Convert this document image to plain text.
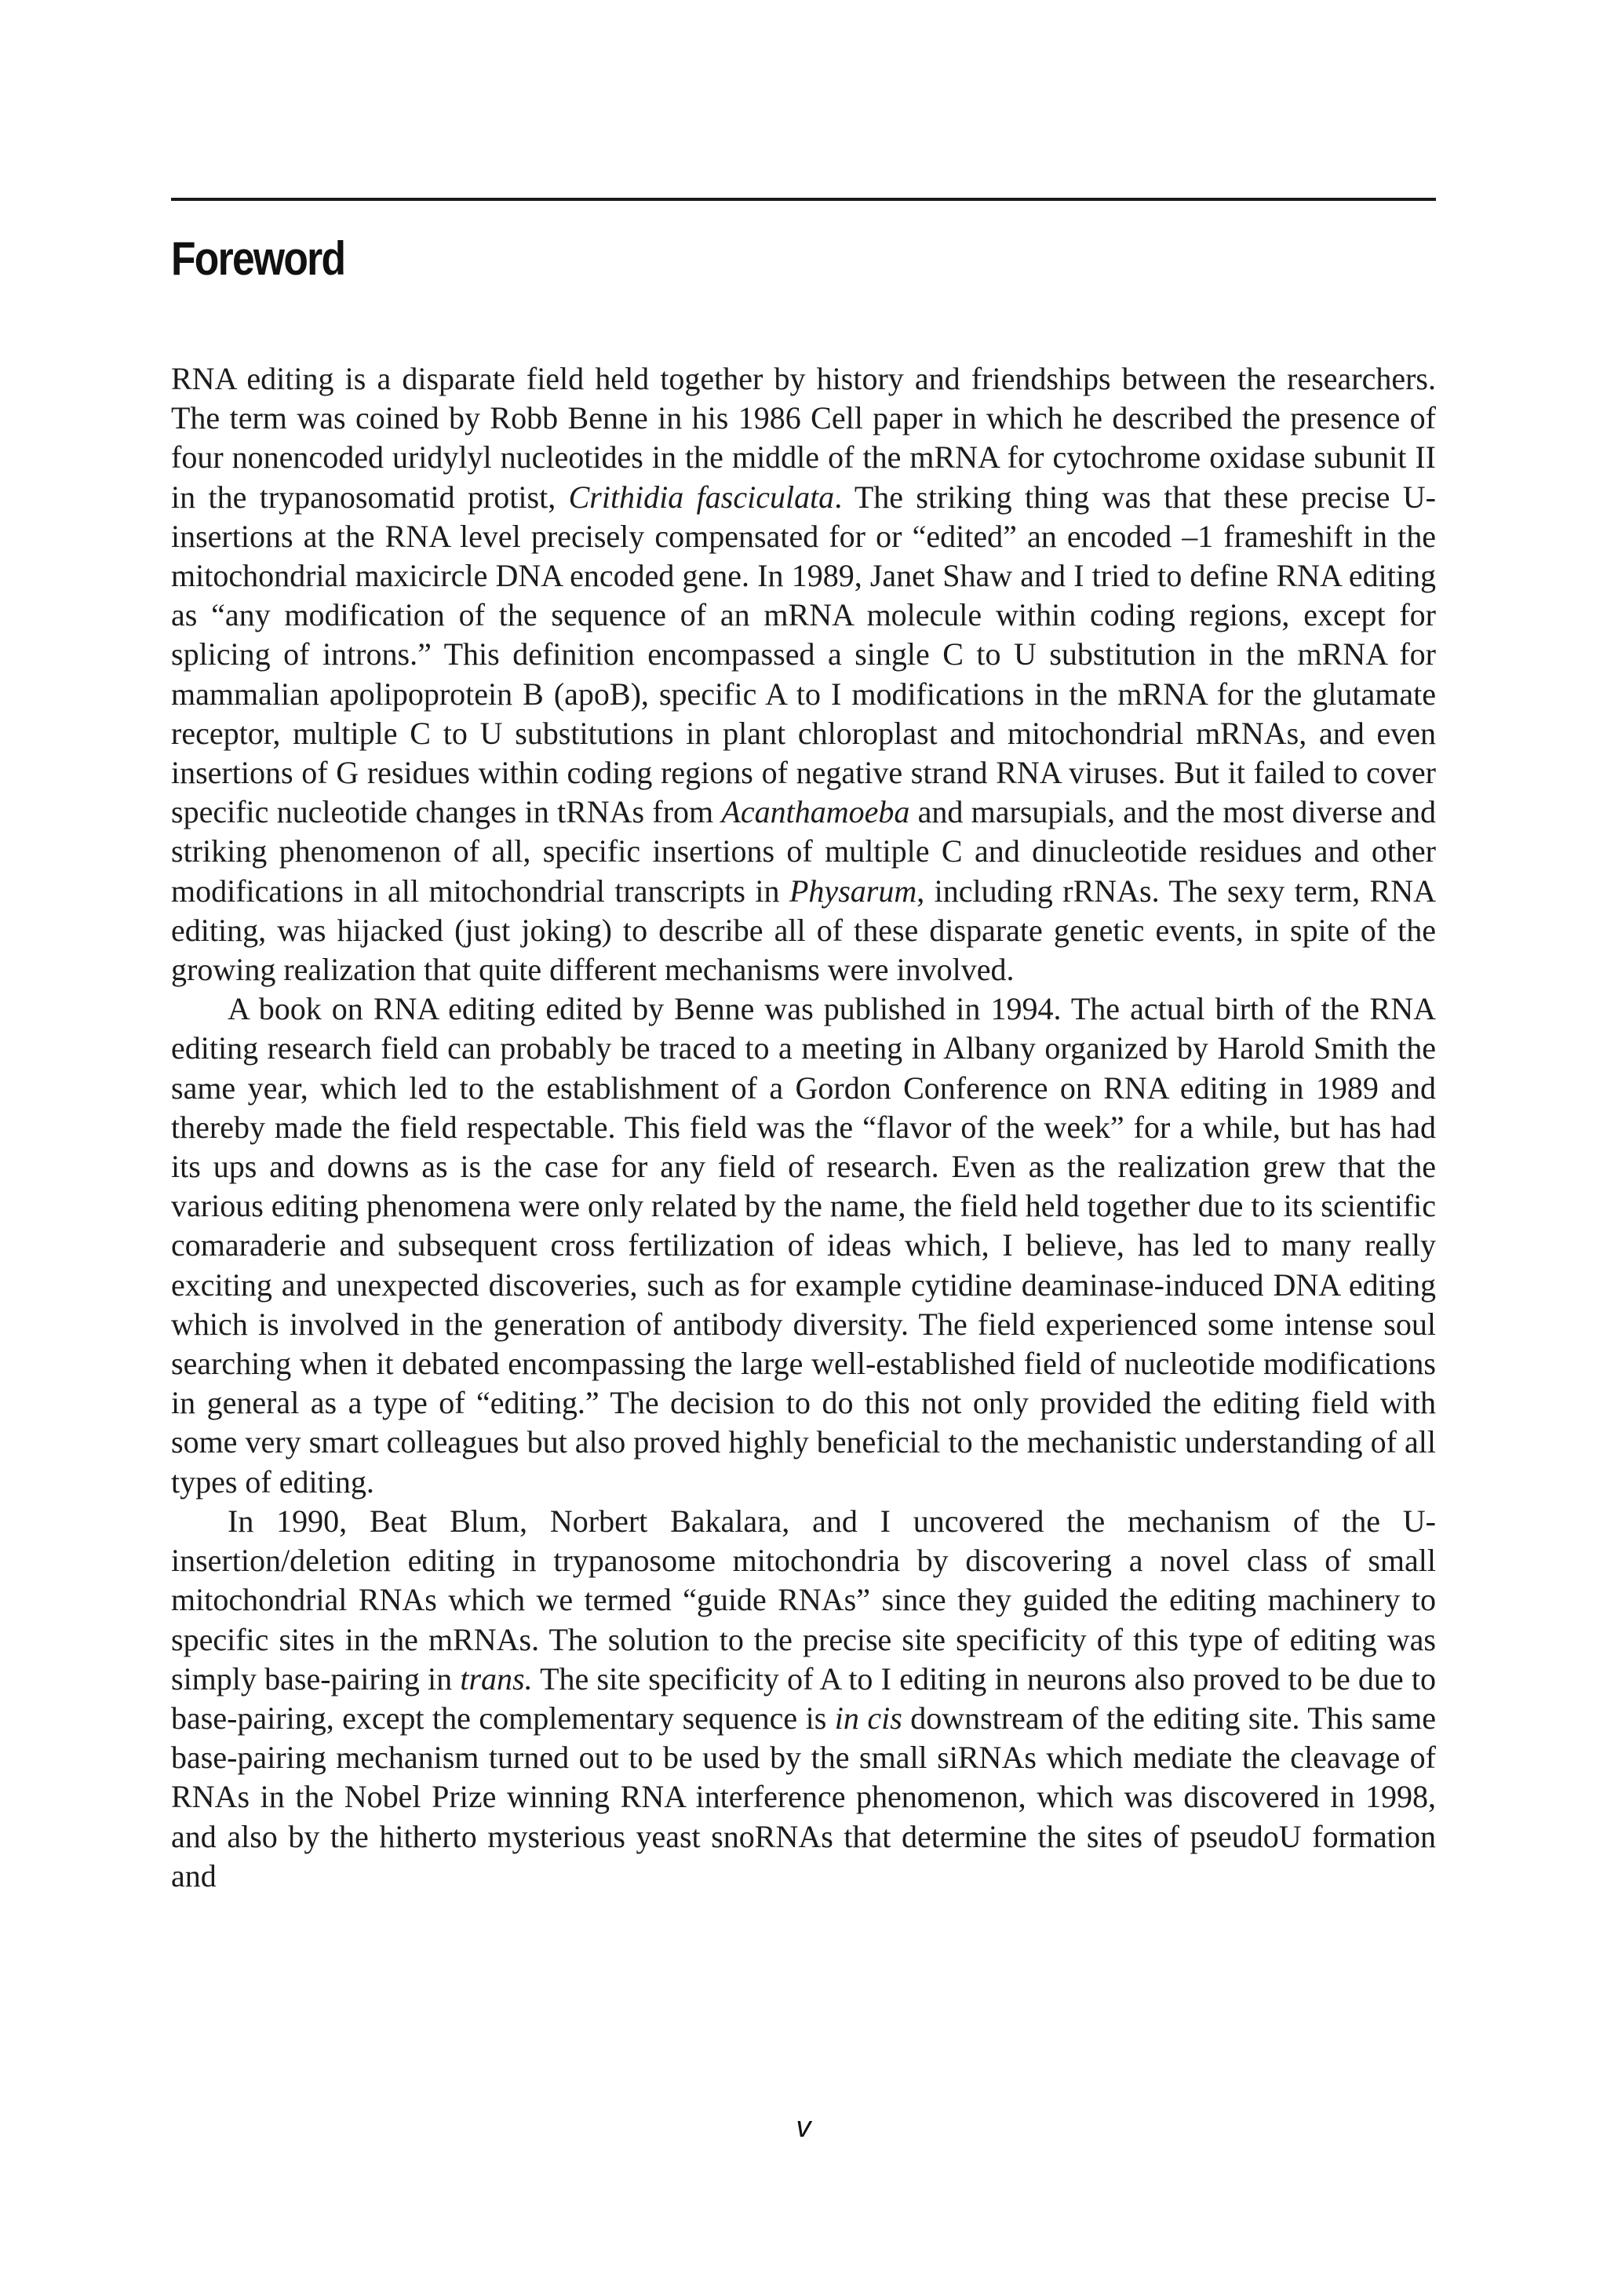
Foreword

RNA editing is a disparate field held together by history and friendships between the researchers. The term was coined by Robb Benne in his 1986 Cell paper in which he described the presence of four nonencoded uridylyl nucleotides in the middle of the mRNA for cytochrome oxidase subunit II in the trypanosomatid protist, Crithidia fasciculata. The striking thing was that these precise U-insertions at the RNA level precisely compensated for or “edited” an encoded –1 frameshift in the mitochondrial maxicircle DNA encoded gene. In 1989, Janet Shaw and I tried to define RNA editing as “any modification of the sequence of an mRNA molecule within coding regions, except for splicing of introns.” This definition encompassed a single C to U substitution in the mRNA for mammalian apolipoprotein B (apoB), specific A to I modifications in the mRNA for the glutamate receptor, multiple C to U substitutions in plant chloroplast and mitochondrial mRNAs, and even insertions of G residues within coding regions of negative strand RNA viruses. But it failed to cover specific nucleotide changes in tRNAs from Acanthamoeba and marsupials, and the most diverse and striking phenomenon of all, specific insertions of multiple C and dinucleotide residues and other modifications in all mitochondrial transcripts in Physarum, including rRNAs. The sexy term, RNA editing, was hijacked (just joking) to describe all of these disparate genetic events, in spite of the growing realization that quite different mechanisms were involved.

A book on RNA editing edited by Benne was published in 1994. The actual birth of the RNA editing research field can probably be traced to a meeting in Albany organized by Harold Smith the same year, which led to the establishment of a Gordon Conference on RNA editing in 1989 and thereby made the field respectable. This field was the “flavor of the week” for a while, but has had its ups and downs as is the case for any field of research. Even as the realization grew that the various editing phenomena were only related by the name, the field held together due to its scientific comaraderie and subsequent cross fertilization of ideas which, I believe, has led to many really exciting and unexpected discoveries, such as for example cytidine deaminase-induced DNA editing which is involved in the generation of antibody diversity. The field experienced some intense soul searching when it debated encompassing the large well-established field of nucleotide modifications in general as a type of “editing.” The decision to do this not only provided the editing field with some very smart colleagues but also proved highly beneficial to the mechanistic understanding of all types of editing.

In 1990, Beat Blum, Norbert Bakalara, and I uncovered the mechanism of the U-insertion/deletion editing in trypanosome mitochondria by discovering a novel class of small mitochondrial RNAs which we termed “guide RNAs” since they guided the editing machinery to specific sites in the mRNAs. The solution to the precise site specificity of this type of editing was simply base-pairing in trans. The site specificity of A to I editing in neurons also proved to be due to base-pairing, except the complementary sequence is in cis downstream of the editing site. This same base-pairing mechanism turned out to be used by the small siRNAs which mediate the cleavage of RNAs in the Nobel Prize winning RNA interference phenomenon, which was discovered in 1998, and also by the hitherto mysterious yeast snoRNAs that determine the sites of pseudoU formation and

v
